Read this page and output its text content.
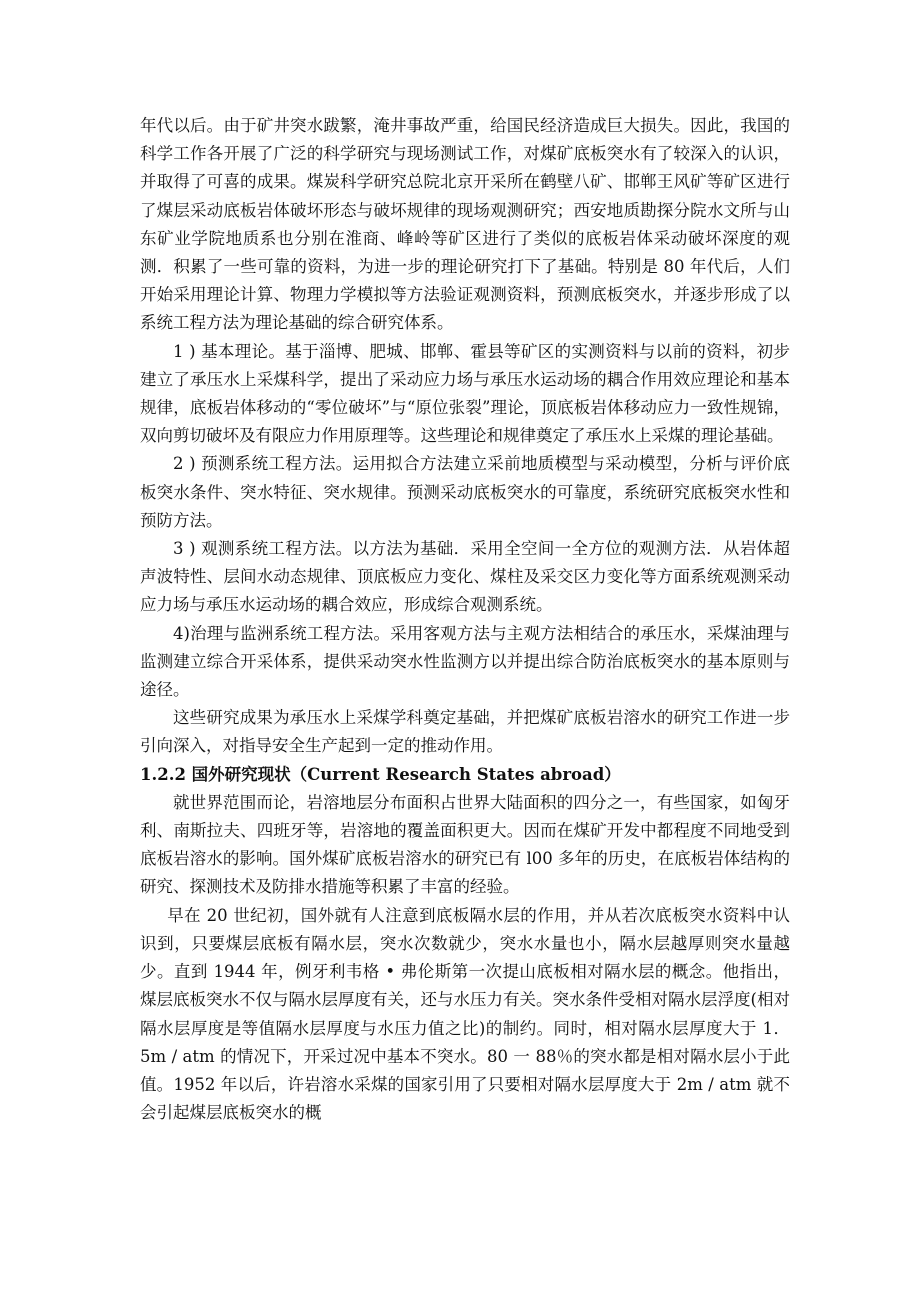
年代以后。由于矿井突水跋繁，淹井事故严重，给国民经济造成巨大损失。因此，我国的科学工作各开展了广泛的科学研究与现场测试工作，对煤矿底板突水有了较深入的认识，并取得了可喜的成果。煤炭科学研究总院北京开采所在鹤壁八矿、邯郸王风矿等矿区进行了煤层采动底板岩体破坏形态与破坏规律的现场观测研究；西安地质勘探分院水文所与山东矿业学院地质系也分别在淮商、峰岭等矿区进行了类似的底板岩体采动破坏深度的观测．积累了一些可靠的资料，为进一步的理论研究打下了基础。特别是 80 年代后，人们开始采用理论计算、物理力学模拟等方法验证观测资料，预测底板突水，并逐步形成了以系统工程方法为理论基础的综合研究体系。

1 ) 基本理论。基于淄博、肥城、邯郸、霍县等矿区的实测资料与以前的资料，初步建立了承压水上采煤科学，提出了采动应力场与承压水运动场的耦合作用效应理论和基本规律，底板岩体移动的“零位破坏”与“原位张裂”理论，顶底板岩体移动应力一致性规锦，双向剪切破坏及有限应力作用原理等。这些理论和规律奠定了承压水上采煤的理论基础。

2 ) 预测系统工程方法。运用拟合方法建立采前地质模型与采动模型，分析与评价底板突水条件、突水特征、突水规律。预测采动底板突水的可靠度，系统研究底板突水性和预防方法。

3 ) 观测系统工程方法。以方法为基础．采用全空间一全方位的观测方法．从岩体超声波特性、层间水动态规律、顶底板应力变化、煤柱及采交区力变化等方面系统观测采动应力场与承压水运动场的耦合效应，形成综合观测系统。

4)治理与监洲系统工程方法。采用客观方法与主观方法相结合的承压水，采煤油理与监测建立综合开采体系，提供采动突水性监测方以并提出综合防治底板突水的基本原则与途径。

这些研究成果为承压水上采煤学科奠定基础，并把煤矿底板岩溶水的研究工作进一步引向深入，对指导安全生产起到一定的推动作用。

1.2.2 国外研究现状（Current Research States abroad）

就世界范围而论，岩溶地层分布面积占世界大陆面积的四分之一，有些国家，如匈牙利、南斯拉夫、四班牙等，岩溶地的覆盖面积更大。因而在煤矿开发中都程度不同地受到底板岩溶水的影响。国外煤矿底板岩溶水的研究已有 l00 多年的历史，在底板岩体结构的研究、探测技术及防排水措施等积累了丰富的经验。

早在 20 世纪初，国外就有人注意到底板隔水层的作用，并从若次底板突水资料中认识到，只要煤层底板有隔水层，突水次数就少，突水水量也小，隔水层越厚则突水量越少。直到 1944 年，例牙利韦格 • 弗伦斯第一次提山底板相对隔水层的概念。他指出，煤层底板突水不仅与隔水层厚度有关，还与水压力有关。突水条件受相对隔水层浮度(相对隔水层厚度是等值隔水层厚度与水压力值之比)的制约。同时，相对隔水层厚度大于 1．5m / atm 的情况下，开采过况中基本不突水。80 一 88％的突水都是相对隔水层小于此值。1952 年以后，许岩溶水采煤的国家引用了只要相对隔水层厚度大于 2m / atm 就不会引起煤层底板突水的概
